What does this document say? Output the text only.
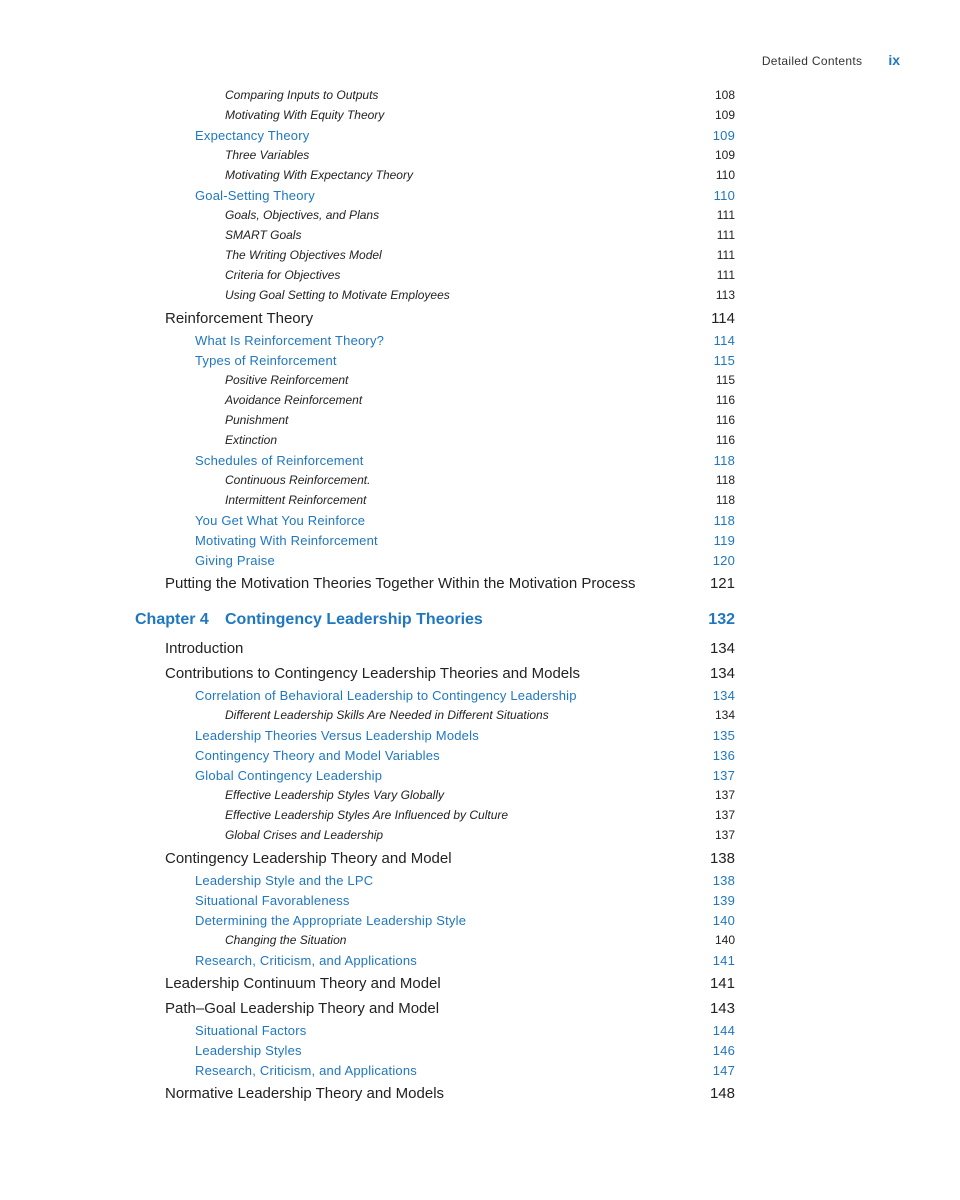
Detailed Contents ix
Comparing Inputs to Outputs	108
Motivating With Equity Theory	109
Expectancy Theory	109
Three Variables	109
Motivating With Expectancy Theory	110
Goal-Setting Theory	110
Goals, Objectives, and Plans	111
SMART Goals	111
The Writing Objectives Model	111
Criteria for Objectives	111
Using Goal Setting to Motivate Employees	113
Reinforcement Theory	114
What Is Reinforcement Theory?	114
Types of Reinforcement	115
Positive Reinforcement	115
Avoidance Reinforcement	116
Punishment	116
Extinction	116
Schedules of Reinforcement	118
Continuous Reinforcement.	118
Intermittent Reinforcement	118
You Get What You Reinforce	118
Motivating With Reinforcement	119
Giving Praise	120
Putting the Motivation Theories Together Within the Motivation Process	121
Chapter 4 Contingency Leadership Theories	132
Introduction	134
Contributions to Contingency Leadership Theories and Models	134
Correlation of Behavioral Leadership to Contingency Leadership	134
Different Leadership Skills Are Needed in Different Situations	134
Leadership Theories Versus Leadership Models	135
Contingency Theory and Model Variables	136
Global Contingency Leadership	137
Effective Leadership Styles Vary Globally	137
Effective Leadership Styles Are Influenced by Culture	137
Global Crises and Leadership	137
Contingency Leadership Theory and Model	138
Leadership Style and the LPC	138
Situational Favorableness	139
Determining the Appropriate Leadership Style	140
Changing the Situation	140
Research, Criticism, and Applications	141
Leadership Continuum Theory and Model	141
Path–Goal Leadership Theory and Model	143
Situational Factors	144
Leadership Styles	146
Research, Criticism, and Applications	147
Normative Leadership Theory and Models	148
